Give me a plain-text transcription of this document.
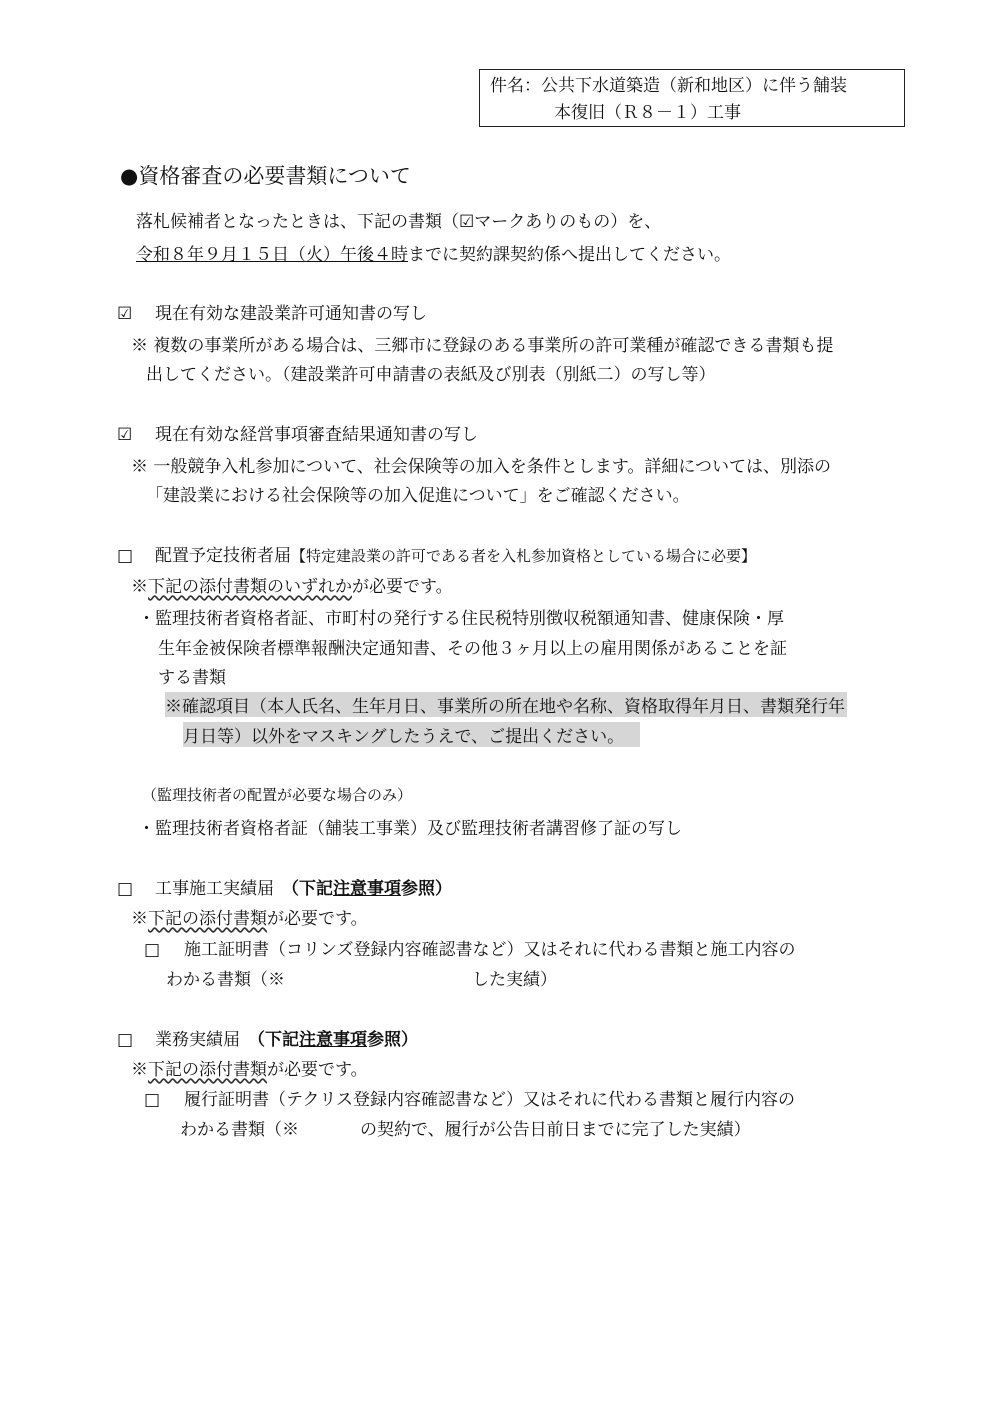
件名：公共下水道築造（新和地区）に伴う舗装
本復旧（Ｒ８－１）工事
●資格審査の必要書類について
落札候補者となったときは、下記の書類（☑マークありのもの）を、
令和８年９月１５日（火）午後４時までに契約課契約係へ提出してください。
☑ 現在有効な建設業許可通知書の写し
※ 複数の事業所がある場合は、三郷市に登録のある事業所の許可業種が確認できる書類も提
出してください。（建設業許可申請書の表紙及び別表（別紙二）の写し等）
☑ 現在有効な経営事項審査結果通知書の写し
※ 一般競争入札参加について、社会保険等の加入を条件とします。詳細については、別添の
「建設業における社会保険等の加入促進について」をご確認ください。
□ 配置予定技術者届【特定建設業の許可である者を入札参加資格としている場合に必要】
※下記の添付書類のいずれかが必要です。
・監理技術者資格者証、市町村の発行する住民税特別徴収税額通知書、健康保険・厚
生年金被保険者標準報酬決定通知書、その他３ヶ月以上の雇用関係があることを証
する書類
※確認項目（本人氏名、生年月日、事業所の所在地や名称、資格取得年月日、書類発行年
月日等）以外をマスキングしたうえで、ご提出ください。
（監理技術者の配置が必要な場合のみ）
・監理技術者資格者証（舗装工事業）及び監理技術者講習修了証の写し
□ 工事施工実績届 （下記注意事項参照）
※下記の添付書類が必要です。
□ 施工証明書（コリンズ登録内容確認書など）又はそれに代わる書類と施工内容の
わかる書類（※	した実績）
□ 業務実績届 （下記注意事項参照）
※下記の添付書類が必要です。
□ 履行証明書（テクリス登録内容確認書など）又はそれに代わる書類と履行内容の
わかる書類（※	の契約で、履行が公告日前日までに完了した実績）
